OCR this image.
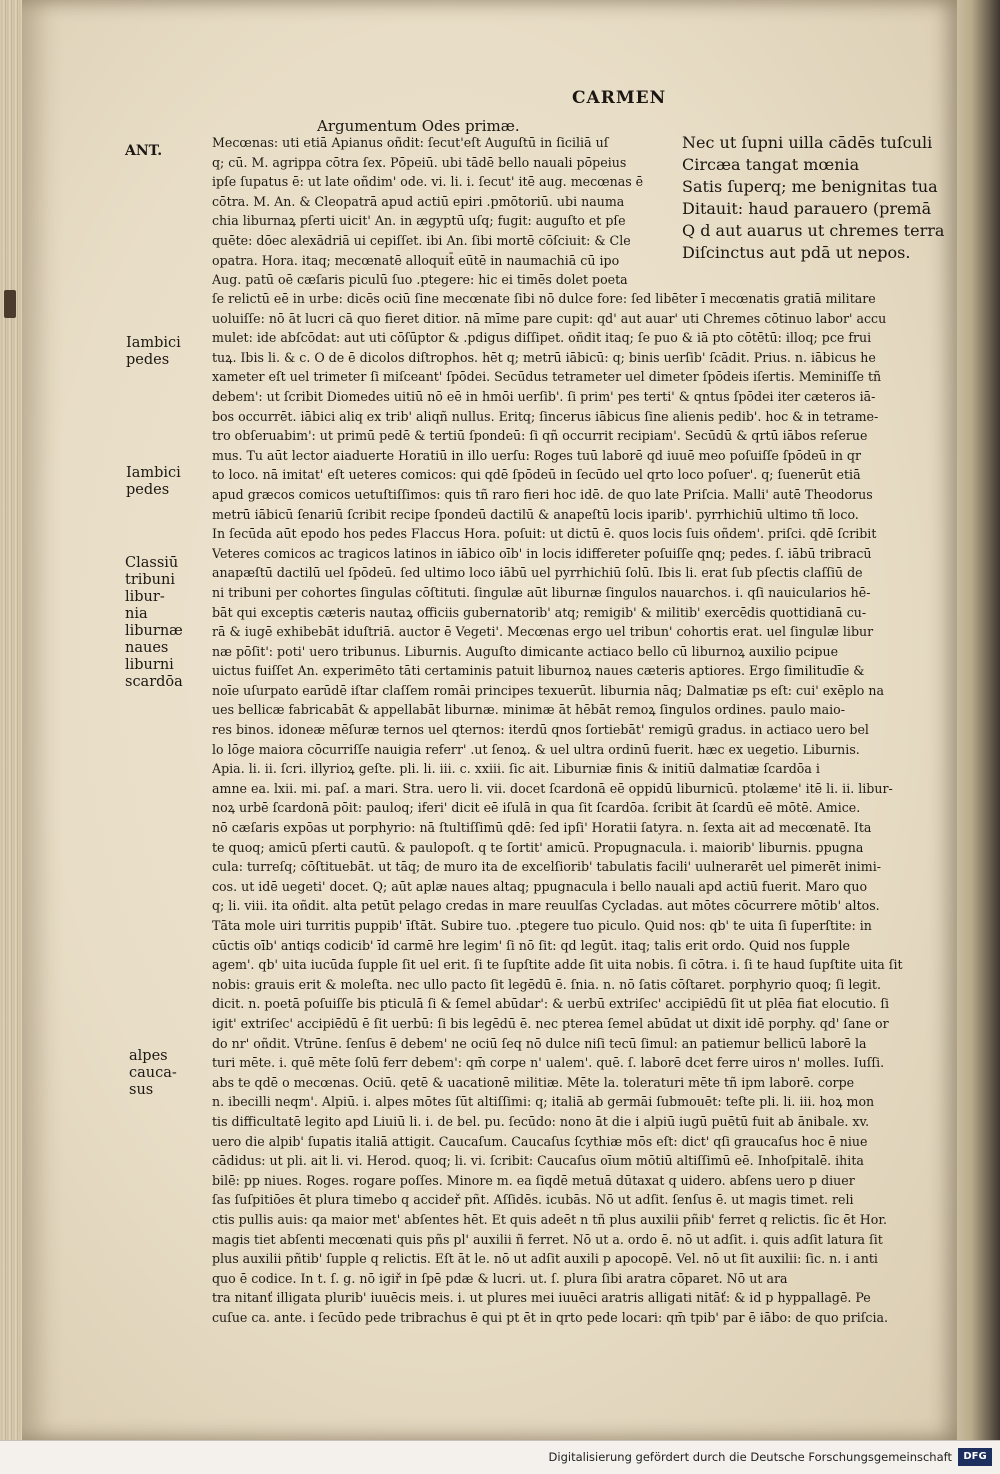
CARMEN
Argumentum Odes primæ.
ANT.
Iambici
pedes
Iambici
pedes
Classiū
tribuni
libur-
nia
liburnæ
naues
liburni
scardōa
alpes
cauca-
sus
Nec ut ſupni uilla cādēs tuſculi
Circæa tangat mœnia
Satis ſuperq; me benignitas tua
Ditauit: haud parauero (premā
Q d aut auarus ut chremes terra
Diſcinctus aut pdā ut nepos.
Mecœnas: uti etiā Apianus oñdit: ſecut'eſt Auguſtū in ſiciliā uſ
q; cū. M. agrippa cōtra ſex. Pōpeiū. ubi tādē bello nauali pōpeius
ipſe ſupatus ē: ut late oñdim' ode. vi. li. i. ſecut' itē aug. mecœnas ē
cōtra. M. An. & Cleopatrā apud actiū epiri .pmōtoriū. ubi nauma
chia liburnaꝝ pſerti uicit' An. in ægyptū uſq; fugit: auguſto et pſe
quēte: dōec alexādriā ui cepiſſet. ibi An. ſibi mortē cōſciuit: & Cle
opatra. Hora. itaq; mecœnatē alloquit̄ eūtē in naumachiā cū ipo
Aug. patū oē cæſaris piculū ſuo .ptegere: hic ei timēs dolet poeta
ſe relictū eē in urbe: dicēs ociū ſine mecœnate ſibi nō dulce fore: ſed libēter ī mecœnatis gratiā militare
uoluiſſe: nō āt lucri cā quo fieret ditior. nā mīme pare cupit: qd' aut auar' uti Chremes cōtinuo labor' accu
mulet: ide abſcōdat: aut uti cōſūptor & .pdigus diſſipet. oñdit itaq; ſe puo & iā pto cōtētū: illoq; pce frui
tuꝝ. Ibis li. & c. O de ē dicolos diſtrophos. hēt q; metrū iābicū: q; binis uerſib' ſcādit. Prius. n. iābicus he
xameter eſt uel trimeter ſi miſceant' ſpōdei. Secūdus tetrameter uel dimeter ſpōdeis iſertis. Meminiſſe tñ
debem': ut ſcribit Diomedes uitiū nō eē in hmōi uerſib'. ſi prim' pes terti' & qntus ſpōdei iter cæteros iā-
bos occurrēt. iābici aliq ex trib' aliqñ nullus. Eritq; ſincerus iābicus ſine alienis pedib'. hoc & in tetrame-
tro obſeruabim': ut primū pedē & tertiū ſpondeū: ſi qñ occurrit recipiam'. Secūdū & qrtū iābos reſerue
mus. Tu aūt lector aiaduerte Horatiū in illo uerſu: Roges tuū laborē qd iuuē meo poſuiſſe ſpōdeū in qr
to loco. nā imitat' eſt ueteres comicos: qui qdē ſpōdeū in ſecūdo uel qrto loco poſuer'. q; ſuenerūt etiā
apud græcos comicos uetuſtiſſimos: quis tñ raro fieri hoc idē. de quo late Priſcia. Malli' autē Theodorus
metrū iābicū ſenariū ſcribit recipe ſpondeū dactilū & anapeſtū locis iparib'. pyrrhichiū ultimo tñ loco.
In ſecūda aūt epodo hos pedes Flaccus Hora. poſuit: ut dictū ē. quos locis ſuis oñdem'. priſci. qdē ſcribit
Veteres comicos ac tragicos latinos in iābico oīb' in locis idiffereter poſuiſſe qnq; pedes. ſ. iābū tribracū
anapæſtū dactilū uel ſpōdeū. ſed ultimo loco iābū uel pyrrhichiū ſolū. Ibis li. erat ſub pſectis claſſiū de
ni tribuni per cohortes ſingulas cōſtituti. ſingulæ aūt liburnæ ſingulos nauarchos. i. qſi nauicularios hē-
bāt qui exceptis cæteris nautaꝝ officiis gubernatorib' atq; remigib' & militib' exercēdis quottidianā cu-
rā & iugē exhibebāt iduſtriā. auctor ē Vegeti'. Mecœnas ergo uel tribun' cohortis erat. uel ſingulæ libur
næ pōſit': poti' uero tribunus. Liburnis. Auguſto dimicante actiaco bello cū liburnoꝝ auxilio pcipue
uictus fuiſſet An. experimēto tāti certaminis patuit liburnoꝝ naues cæteris aptiores. Ergo ſimilitudīe &
noīe uſurpato earūdē iſtar claſſem romāi principes texuerūt. liburnia nāq; Dalmatiæ ps eſt: cui' exēplo na
ues bellicæ fabricabāt & appellabāt liburnæ. minimæ āt hēbāt remoꝝ ſingulos ordines. paulo maio-
res binos. idoneæ mēſuræ ternos uel qternos: iterdū qnos ſortiebāt' remigū gradus. in actiaco uero bel
lo lōge maiora cōcurriſſe nauigia referr' .ut ſenoꝝ. & uel ultra ordinū fuerit. hæc ex uegetio. Liburnis.
Apia. li. ii. ſcri. illyrioꝝ geſte. pli. li. iii. c. xxiii. ſic ait. Liburniæ finis & initiū dalmatiæ ſcardōa i
amne ea. lxii. mi. paſ. a mari. Stra. uero li. vii. docet ſcardonā eē oppidū liburnicū. ptolæme' itē li. ii. libur-
noꝝ urbē ſcardonā pōit: pauloq; iferi' dicit eē iſulā in qua ſit ſcardōa. ſcribit āt ſcardū eē mōtē. Amice.
nō cæſaris expōas ut porphyrio: nā ſtultiſſimū qdē: ſed ipſi' Horatii ſatyra. n. ſexta ait ad mecœnatē. Ita
te quoq; amicū pſerti cautū. & paulopoſt. q te ſortit' amicū. Propugnacula. i. maiorib' liburnis. ppugna
cula: turreſq; cōſtituebāt. ut tāq; de muro ita de excelſiorib' tabulatis facili' uulnerarēt uel pimerēt inimi-
cos. ut idē uegeti' docet. Q; aūt aplæ naues altaq; ppugnacula i bello nauali apd actiū fuerit. Maro quo
q; li. viii. ita oñdit. alta petūt pelago credas in mare reuulſas Cycladas. aut mōtes cōcurrere mōtib' altos.
Tāta mole uiri turritis puppib' īſtāt. Subire tuo. .ptegere tuo piculo. Quid nos: qb' te uita ſi ſuperſtite: in
cūctis oīb' antiqs codicib' īd carmē hre legim' ſi nō ſit: qd legūt. itaq; talis erit ordo. Quid nos ſupple
agem'. qb' uita iucūda ſupple ſit uel erit. ſi te ſupſtite adde ſit uita nobis. ſi cōtra. i. ſi te haud ſupſtite uita ſit
nobis: grauis erit & moleſta. nec ullo pacto ſit legēdū ē. ſnia. n. nō ſatis cōſtaret. porphyrio quoq; ſi legit.
dicit. n. poetā poſuiſſe bis pticulā ſi & ſemel abūdar': & uerbū extriſec' accipiēdū ſit ut plēa fiat elocutio. ſi
igit' extriſec' accipiēdū ē ſit uerbū: ſi bis legēdū ē. nec pterea ſemel abūdat ut dixit idē porphy. qd' ſane or
do nr' oñdit. Vtrūne. ſenſus ē debem' ne ociū ſeq nō dulce niſi tecū ſimul: an patiemur bellicū laborē la
turi mēte. i. quē mēte ſolū ferr debem': qm̄ corpe n' ualem'. quē. ſ. laborē dcet ferre uiros n' molles. Iuſſi.
abs te qdē o mecœnas. Ociū. qetē & uacationē militiæ. Mēte la. toleraturi mēte tñ ipm laborē. corpe
n. ibecilli neqm'. Alpiū. i. alpes mōtes ſūt altiſſimi: q; italiā ab germāi ſubmouēt: teſte pli. li. iii. hoꝝ mon
tis difficultatē legito apd Liuiū li. i. de bel. pu. ſecūdo: nono āt die i alpiū iugū puētū fuit ab ānibale. xv.
uero die alpib' ſupatis italiā attigit. Caucaſum. Caucaſus ſcythiæ mōs eſt: dict' qſi graucaſus hoc ē niue
cādidus: ut pli. ait li. vi. Herod. quoq; li. vi. ſcribit: Caucaſus oīum mōtiū altiſſimū eē. Inhoſpitalē. ihita
bilē: pp niues. Roges. rogare poſſes. Minore m. ea ſiqdē metuā dūtaxat q uidero. abſens uero p diuer
ſas ſuſpitiōes ēt plura timebo q accideř pñt. Aſſidēs. icubās. Nō ut adſit. ſenſus ē. ut magis timet. reli
ctis pullis auis: qa maior met' abſentes hēt. Et quis adeēt n tñ plus auxilii pñib' ferret q relictis. ſic ēt Hor.
magis tiet abſenti mecœnati quis pñs pl' auxilii ñ ferret. Nō ut a. ordo ē. nō ut adſit. i. quis adſit latura ſit
plus auxilii pñtib' ſupple q relictis. Eſt āt le. nō ut adſit auxili p apocopē. Vel. nō ut ſit auxilii: ſic. n. i anti
quo ē codice. In t. ſ. g. nō igiř in ſpē pdæ & lucri. ut. ſ. plura ſibi aratra cōparet. Nō ut ara
tra nitanť illigata plurib' iuuēcis meis. i. ut plures mei iuuēci aratris alligati nitāť: & id p hyppallagē. Pe
cuſue ca. ante. i ſecūdo pede tribrachus ē qui pt ēt in qrto pede locari: qm̄ tpib' par ē iābo: de quo priſcia.
Digitalisierung gefördert durch die Deutsche Forschungsgemeinschaft	DFG
